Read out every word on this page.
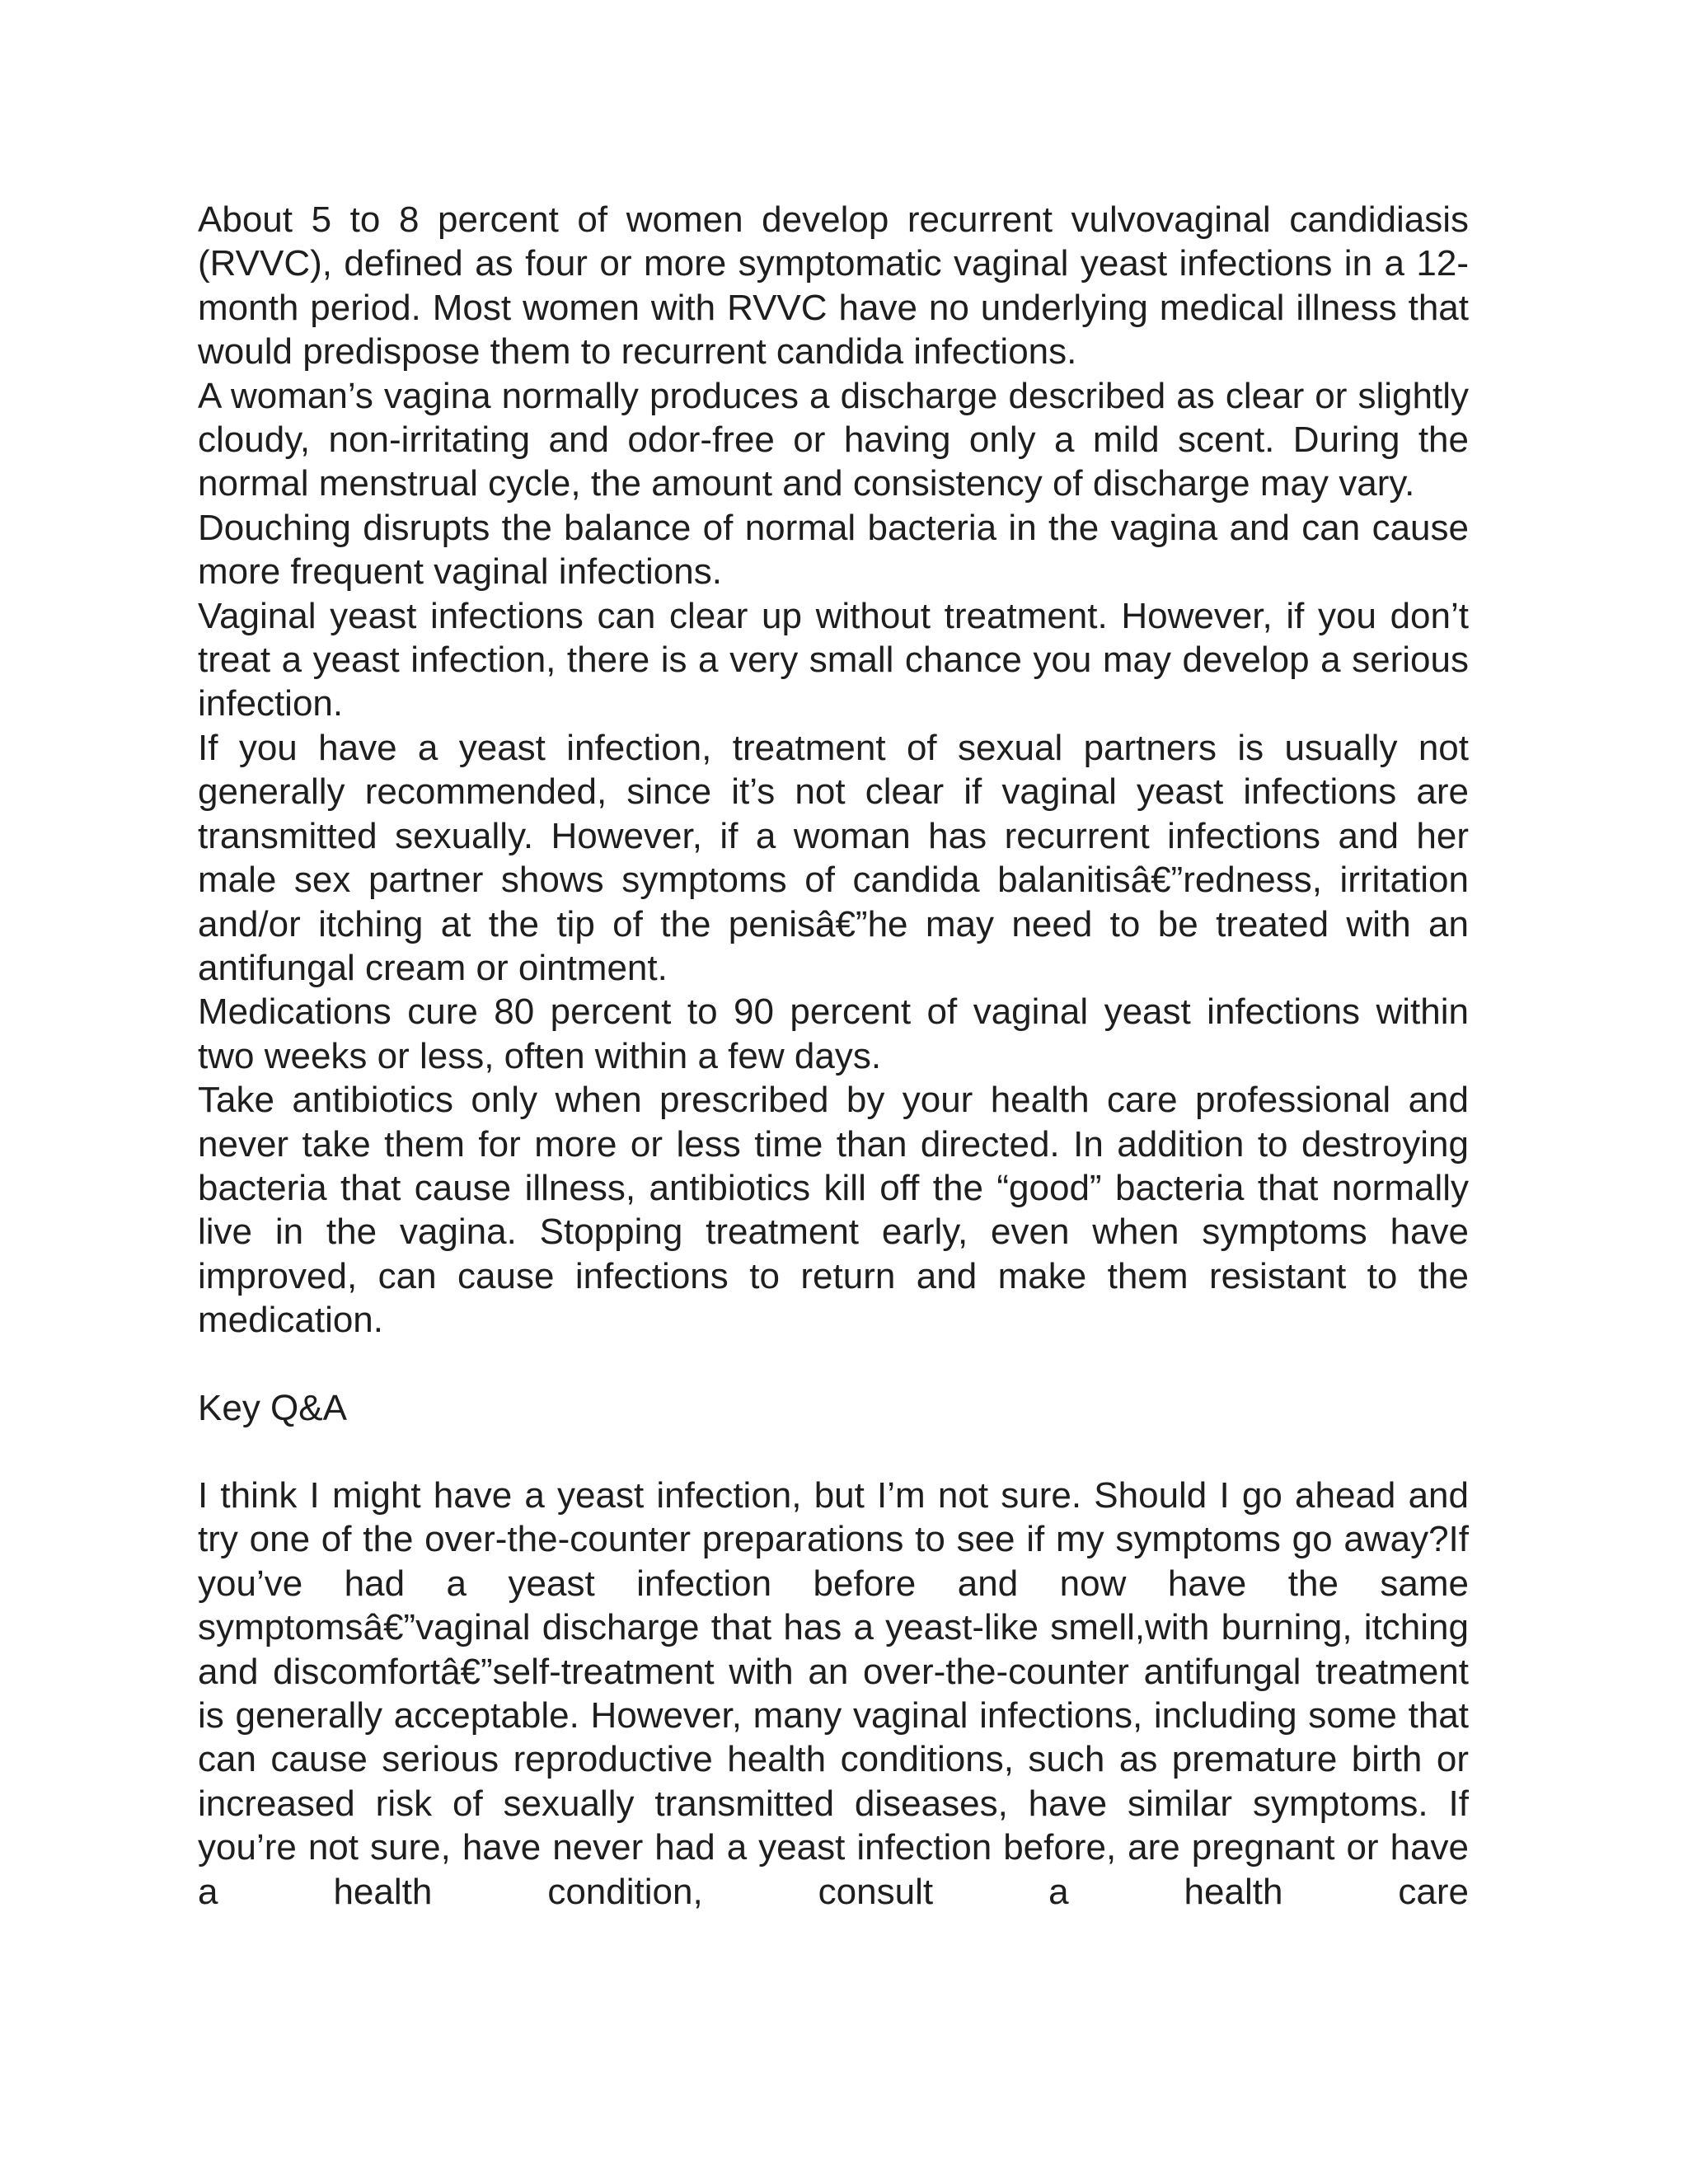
About 5 to 8 percent of women develop recurrent vulvovaginal candidiasis (RVVC), defined as four or more symptomatic vaginal yeast infections in a 12-month period. Most women with RVVC have no underlying medical illness that would predispose them to recurrent candida infections.

A woman’s vagina normally produces a discharge described as clear or slightly cloudy, non-irritating and odor-free or having only a mild scent. During the normal menstrual cycle, the amount and consistency of discharge may vary.

Douching disrupts the balance of normal bacteria in the vagina and can cause more frequent vaginal infections.

Vaginal yeast infections can clear up without treatment. However, if you don’t treat a yeast infection, there is a very small chance you may develop a serious infection.

If you have a yeast infection, treatment of sexual partners is usually not generally recommended, since it’s not clear if vaginal yeast infections are transmitted sexually. However, if a woman has recurrent infections and her male sex partner shows symptoms of candida balanitisâ€”redness, irritation and/or itching at the tip of the penisâ€”he may need to be treated with an antifungal cream or ointment.

Medications cure 80 percent to 90 percent of vaginal yeast infections within two weeks or less, often within a few days.

Take antibiotics only when prescribed by your health care professional and never take them for more or less time than directed. In addition to destroying bacteria that cause illness, antibiotics kill off the “good” bacteria that normally live in the vagina. Stopping treatment early, even when symptoms have improved, can cause infections to return and make them resistant to the medication.

Key Q&A

I think I might have a yeast infection, but I’m not sure. Should I go ahead and try one of the over-the-counter preparations to see if my symptoms go away?If you’ve had a yeast infection before and now have the same symptomsâ€”vaginal discharge that has a yeast-like smell,with burning, itching and discomfortâ€”self-treatment with an over-the-counter antifungal treatment is generally acceptable. However, many vaginal infections, including some that can cause serious reproductive health conditions, such as premature birth or increased risk of sexually transmitted diseases, have similar symptoms. If you’re not sure, have never had a yeast infection before, are pregnant or have a health condition, consult a health care
